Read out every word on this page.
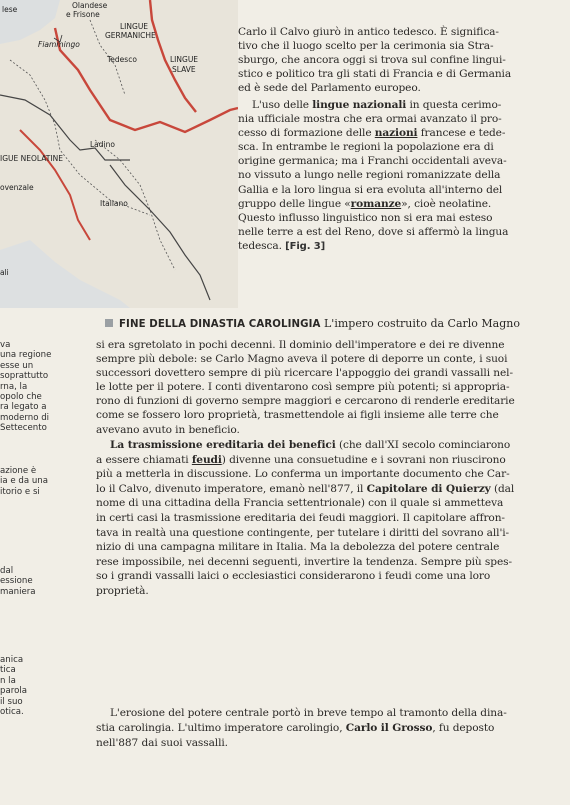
Olandese
e Frisone
lese
LINGUE
GERMANICHE
Fiammingo
Tedesco	LINGUE
SLAVE
Ladino
IGUE NEOLATINE
ovenzale
Italiano
ali

Carlo il Calvo giurò in antico tedesco. È significa-

tivo che il luogo scelto per la cerimonia sia Stra-

sburgo, che ancora oggi si trova sul confine lingui-

stico e politico tra gli stati di Francia e di Germania

ed è sede del Parlamento europeo.

L'uso delle lingue nazionali in questa cerimo-

nia ufficiale mostra che era ormai avanzato il pro-

cesso di formazione delle nazioni francese e tede-

sca. In entrambe le regioni la popolazione era di

origine germanica; ma i Franchi occidentali aveva-

no vissuto a lungo nelle regioni romanizzate della

Gallia e la loro lingua si era evoluta all'interno del

gruppo delle lingue «romanze», cioè neolatine.

Questo influsso linguistico non si era mai esteso

nelle terre a est del Reno, dove si affermò la lingua

tedesca. [Fig. 3]

FINE DELLA DINASTIA CAROLINGIA L'impero costruito da Carlo Magno

si era sgretolato in pochi decenni. Il dominio dell'imperatore e dei re divenne

sempre più debole: se Carlo Magno aveva il potere di deporre un conte, i suoi

successori dovettero sempre di più ricercare l'appoggio dei grandi vassalli nel-

le lotte per il potere. I conti diventarono così sempre più potenti; si appropria-

rono di funzioni di governo sempre maggiori e cercarono di renderle ereditarie

come se fossero loro proprietà, trasmettendole ai figli insieme alle terre che

avevano avuto in beneficio.

La trasmissione ereditaria dei benefici (che dall'XI secolo cominciarono

a essere chiamati feudi) divenne una consuetudine e i sovrani non riuscirono

più a metterla in discussione. Lo conferma un importante documento che Car-

lo il Calvo, divenuto imperatore, emanò nell'877, il Capitolare di Quierzy (dal

nome di una cittadina della Francia settentrionale) con il quale si ammetteva

in certi casi la trasmissione ereditaria dei feudi maggiori. Il capitolare affron-

tava in realtà una questione contingente, per tutelare i diritti del sovrano all'i-

nizio di una campagna militare in Italia. Ma la debolezza del potere centrale

rese impossibile, nei decenni seguenti, invertire la tendenza. Sempre più spes-

so i grandi vassalli laici o ecclesiastici considerarono i feudi come una loro

proprietà.

L'erosione del potere centrale portò in breve tempo al tramonto della dina-

stia carolingia. L'ultimo imperatore carolingio, Carlo il Grosso, fu deposto

nell'887 dai suoi vassalli.

va
una regione
esse un
soprattutto
rna, la
opolo che
ra legato a
moderno di
Settecento
azione è
ia e da una
itorio e si
dal
essione
maniera
anica
tica
n la
parola
il suo
otica.
